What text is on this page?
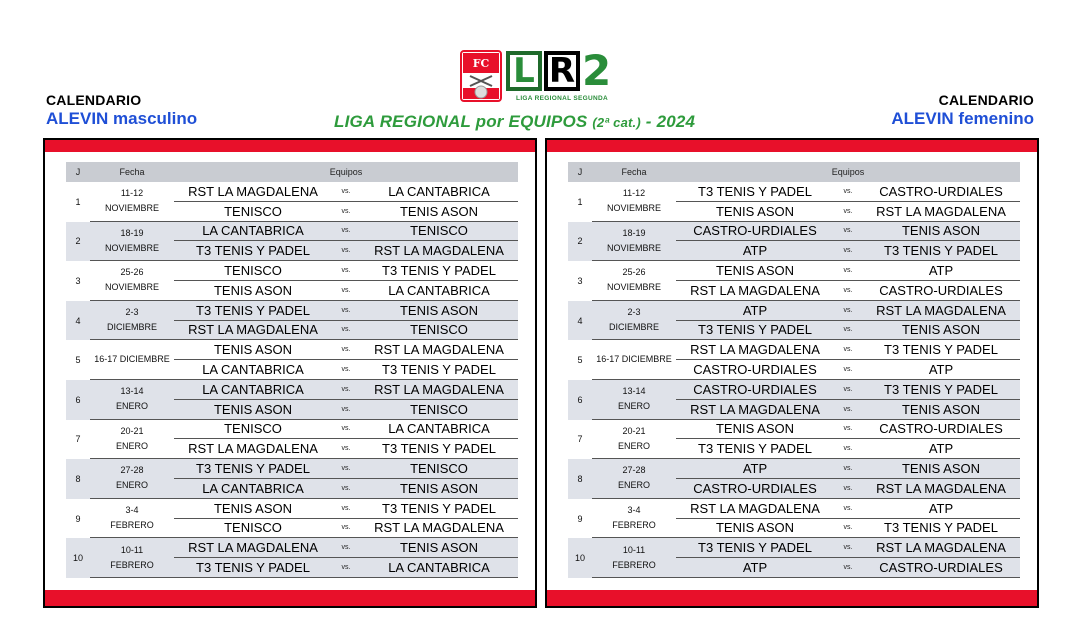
CALENDARIO
ALEVIN masculino
FC L R 2
LIGA REGIONAL SEGUNDA
LIGA REGIONAL por EQUIPOS (2ª cat.) - 2024
CALENDARIO
ALEVIN femenino
J	Fecha	Equipos
1
11-12
NOVIEMBRE
RST LA MAGDALENA	vs.	LA CANTABRICA
TENISCO	vs.	TENIS ASON
2
18-19
NOVIEMBRE
LA CANTABRICA	vs.	TENISCO
T3 TENIS Y PADEL	vs.	RST LA MAGDALENA
3
25-26
NOVIEMBRE
TENISCO	vs.	T3 TENIS Y PADEL
TENIS ASON	vs.	LA CANTABRICA
4
2-3
DICIEMBRE
T3 TENIS Y PADEL	vs.	TENIS ASON
RST LA MAGDALENA	vs.	TENISCO
5	16-17 DICIEMBRE
TENIS ASON	vs.	RST LA MAGDALENA
LA CANTABRICA	vs.	T3 TENIS Y PADEL
6
13-14
ENERO
LA CANTABRICA	vs.	RST LA MAGDALENA
TENIS ASON	vs.	TENISCO
7
20-21
ENERO
TENISCO	vs.	LA CANTABRICA
RST LA MAGDALENA	vs.	T3 TENIS Y PADEL
8
27-28
ENERO
T3 TENIS Y PADEL	vs.	TENISCO
LA CANTABRICA	vs.	TENIS ASON
9
3-4
FEBRERO
TENIS ASON	vs.	T3 TENIS Y PADEL
TENISCO	vs.	RST LA MAGDALENA
10
10-11
FEBRERO
RST LA MAGDALENA	vs.	TENIS ASON
T3 TENIS Y PADEL	vs.	LA CANTABRICA
J	Fecha	Equipos
1
11-12
NOVIEMBRE
T3 TENIS Y PADEL	vs.	CASTRO-URDIALES
TENIS ASON	vs.	RST LA MAGDALENA
2
18-19
NOVIEMBRE
CASTRO-URDIALES	vs.	TENIS ASON
ATP	vs.	T3 TENIS Y PADEL
3
25-26
NOVIEMBRE
TENIS ASON	vs.	ATP
RST LA MAGDALENA	vs.	CASTRO-URDIALES
4
2-3
DICIEMBRE
ATP	vs.	RST LA MAGDALENA
T3 TENIS Y PADEL	vs.	TENIS ASON
5	16-17 DICIEMBRE
RST LA MAGDALENA	vs.	T3 TENIS Y PADEL
CASTRO-URDIALES	vs.	ATP
6
13-14
ENERO
CASTRO-URDIALES	vs.	T3 TENIS Y PADEL
RST LA MAGDALENA	vs.	TENIS ASON
7
20-21
ENERO
TENIS ASON	vs.	CASTRO-URDIALES
T3 TENIS Y PADEL	vs.	ATP
8
27-28
ENERO
ATP	vs.	TENIS ASON
CASTRO-URDIALES	vs.	RST LA MAGDALENA
9
3-4
FEBRERO
RST LA MAGDALENA	vs.	ATP
TENIS ASON	vs.	T3 TENIS Y PADEL
10
10-11
FEBRERO
T3 TENIS Y PADEL	vs.	RST LA MAGDALENA
ATP	vs.	CASTRO-URDIALES
